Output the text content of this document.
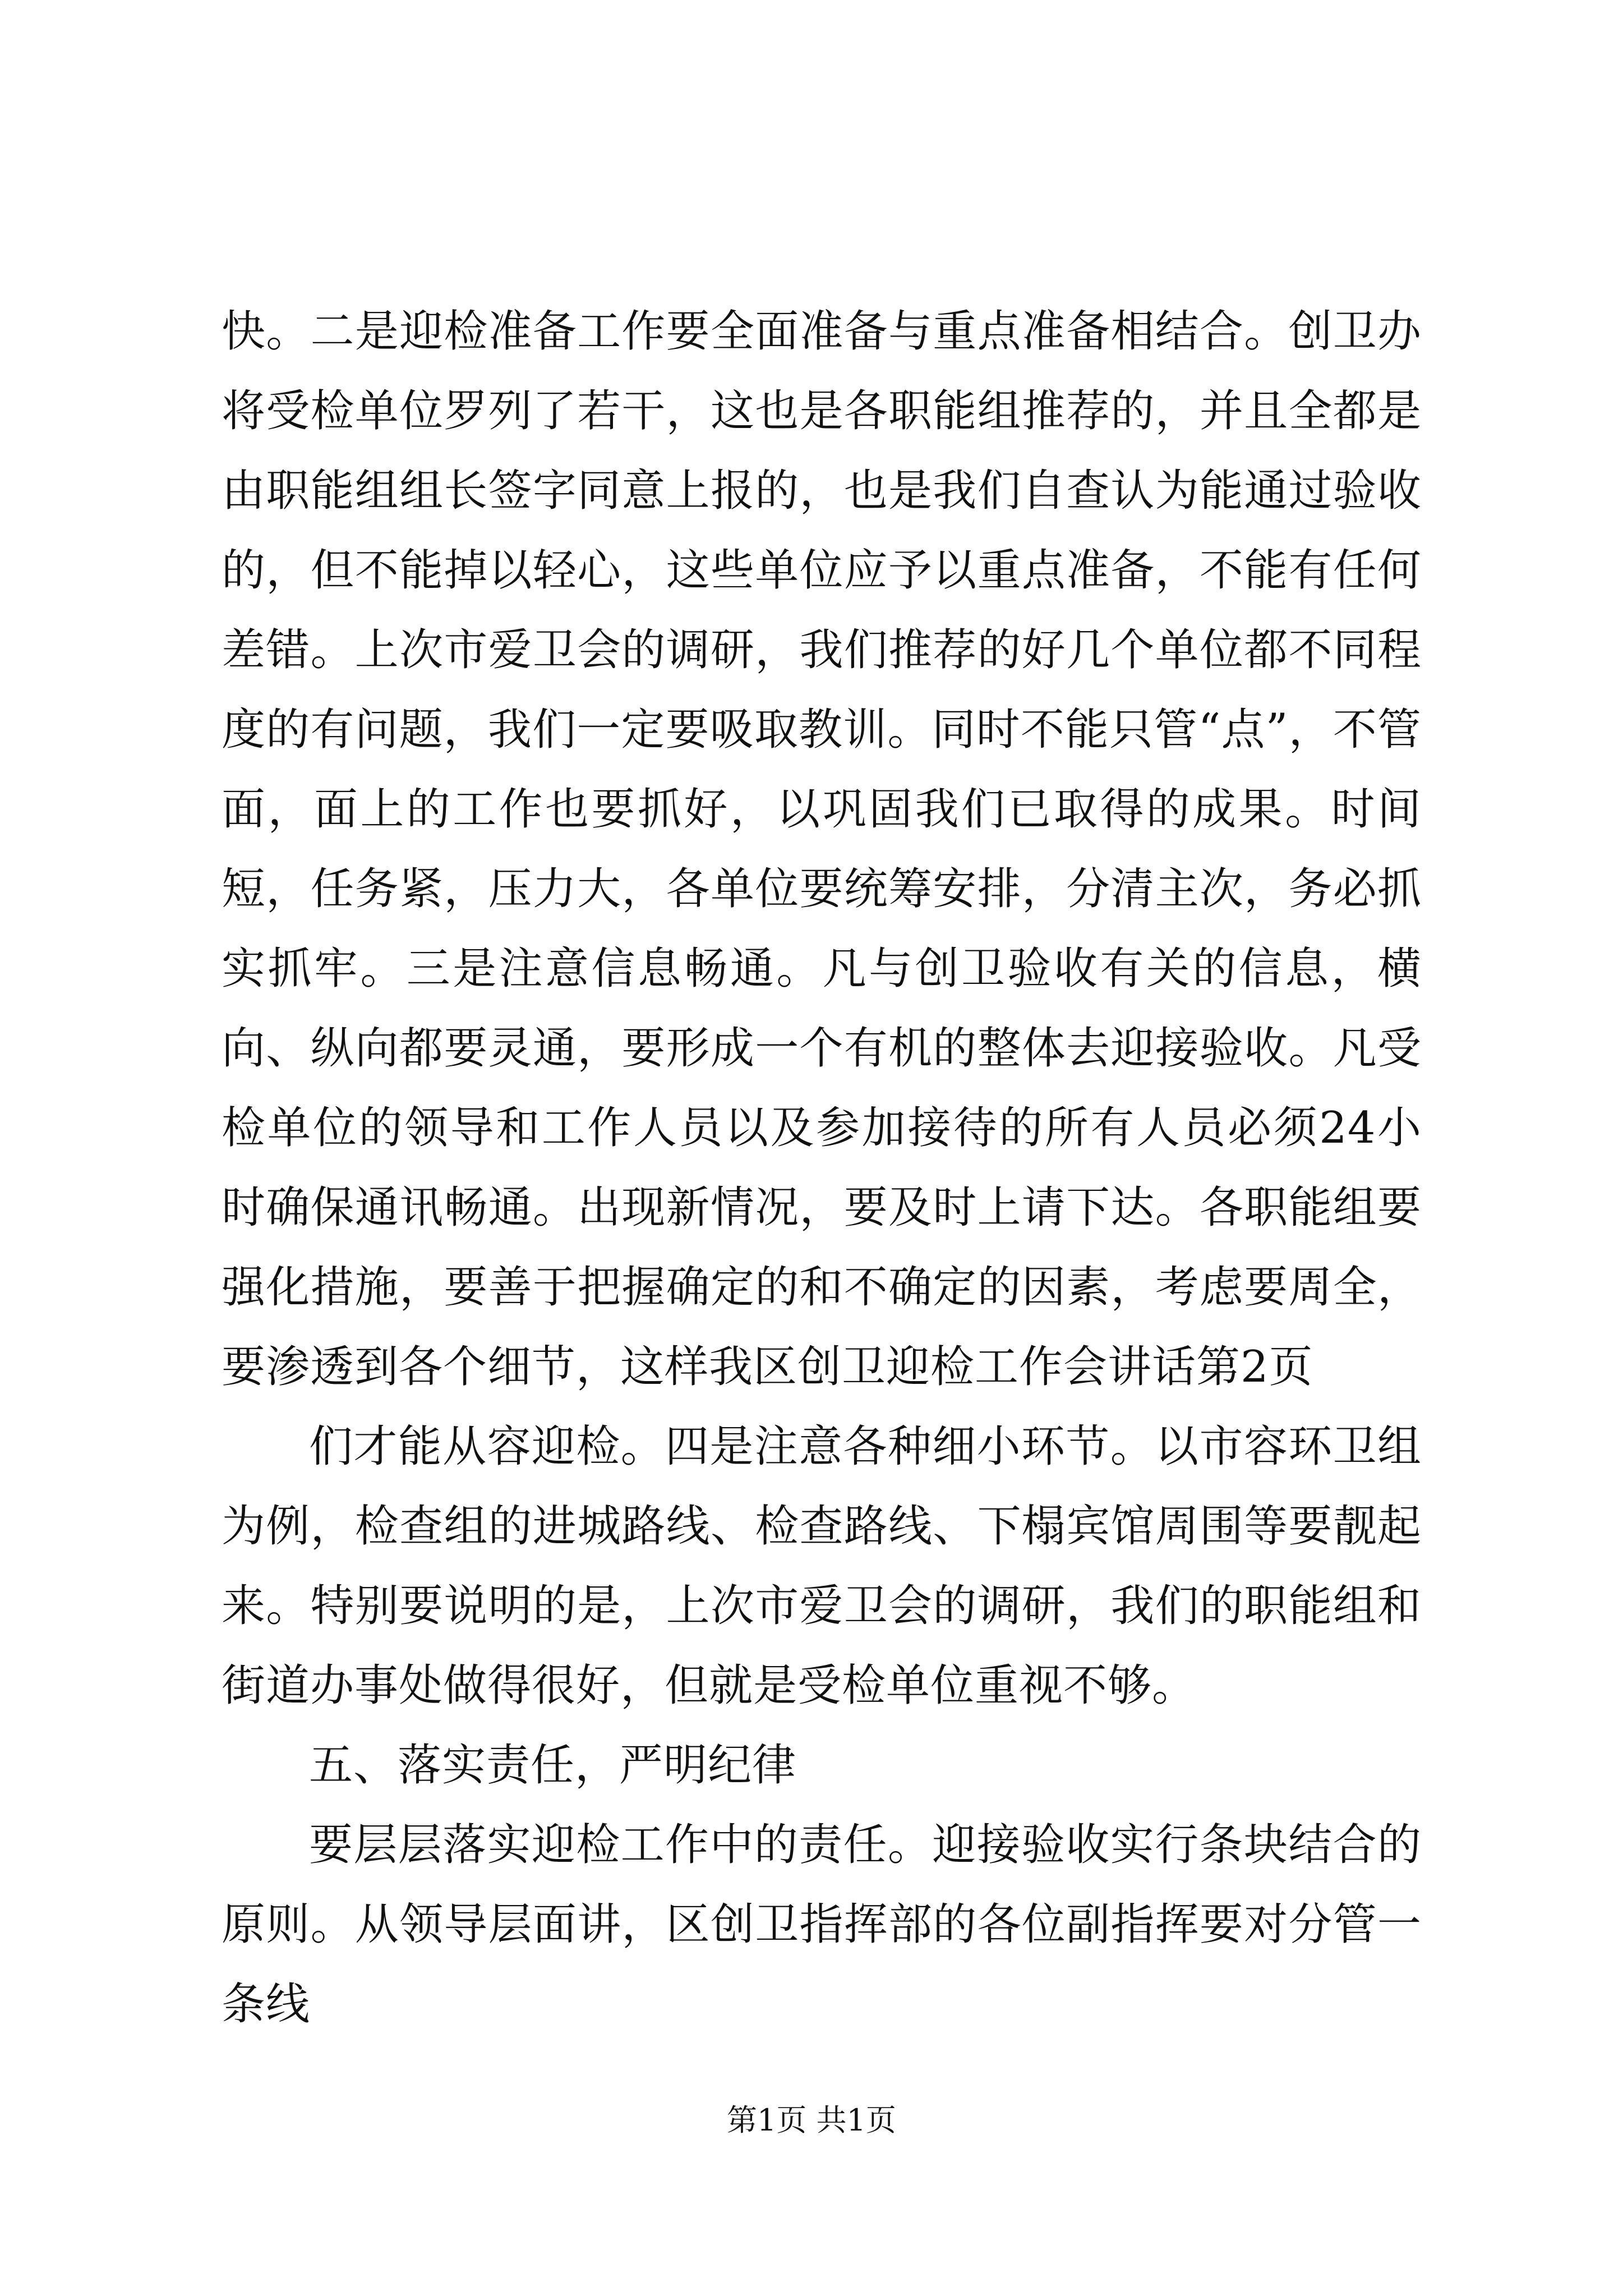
快。二是迎检准备工作要全面准备与重点准备相结合。创卫办将受检单位罗列了若干，这也是各职能组推荐的，并且全都是由职能组组长签字同意上报的，也是我们自查认为能通过验收的，但不能掉以轻心，这些单位应予以重点准备，不能有任何差错。上次市爱卫会的调研，我们推荐的好几个单位都不同程度的有问题，我们一定要吸取教训。同时不能只管“点”，不管面，面上的工作也要抓好，以巩固我们已取得的成果。时间短，任务紧，压力大，各单位要统筹安排，分清主次，务必抓实抓牢。三是注意信息畅通。凡与创卫验收有关的信息，横向、纵向都要灵通，要形成一个有机的整体去迎接验收。凡受检单位的领导和工作人员以及参加接待的所有人员必须24小时确保通讯畅通。出现新情况，要及时上请下达。各职能组要强化措施，要善于把握确定的和不确定的因素，考虑要周全，要渗透到各个细节，这样我区创卫迎检工作会讲话第2页

们才能从容迎检。四是注意各种细小环节。以市容环卫组为例，检查组的进城路线、检查路线、下榻宾馆周围等要靓起来。特别要说明的是，上次市爱卫会的调研，我们的职能组和街道办事处做得很好，但就是受检单位重视不够。

五、落实责任，严明纪律

要层层落实迎检工作中的责任。迎接验收实行条块结合的原则。从领导层面讲，区创卫指挥部的各位副指挥要对分管一条线

第1页 共1页
